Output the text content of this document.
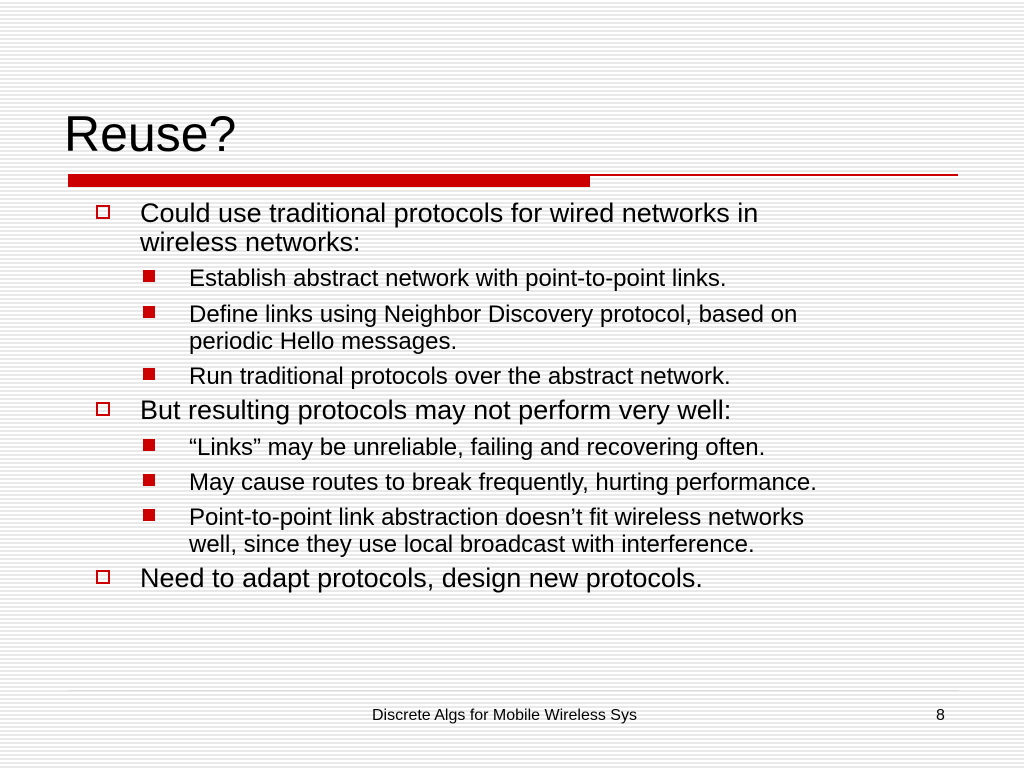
Reuse?
Could use traditional protocols for wired networks in
wireless networks:
Establish abstract network with point-to-point links.
Define links using Neighbor Discovery protocol, based on
periodic Hello messages.
Run traditional protocols over the abstract network.
But resulting protocols may not perform very well:
“Links” may be unreliable, failing and recovering often.
May cause routes to break frequently, hurting performance.
Point-to-point link abstraction doesn’t fit wireless networks
well, since they use local broadcast with interference.
Need to adapt protocols, design new protocols.
Discrete Algs for Mobile Wireless Sys	8
